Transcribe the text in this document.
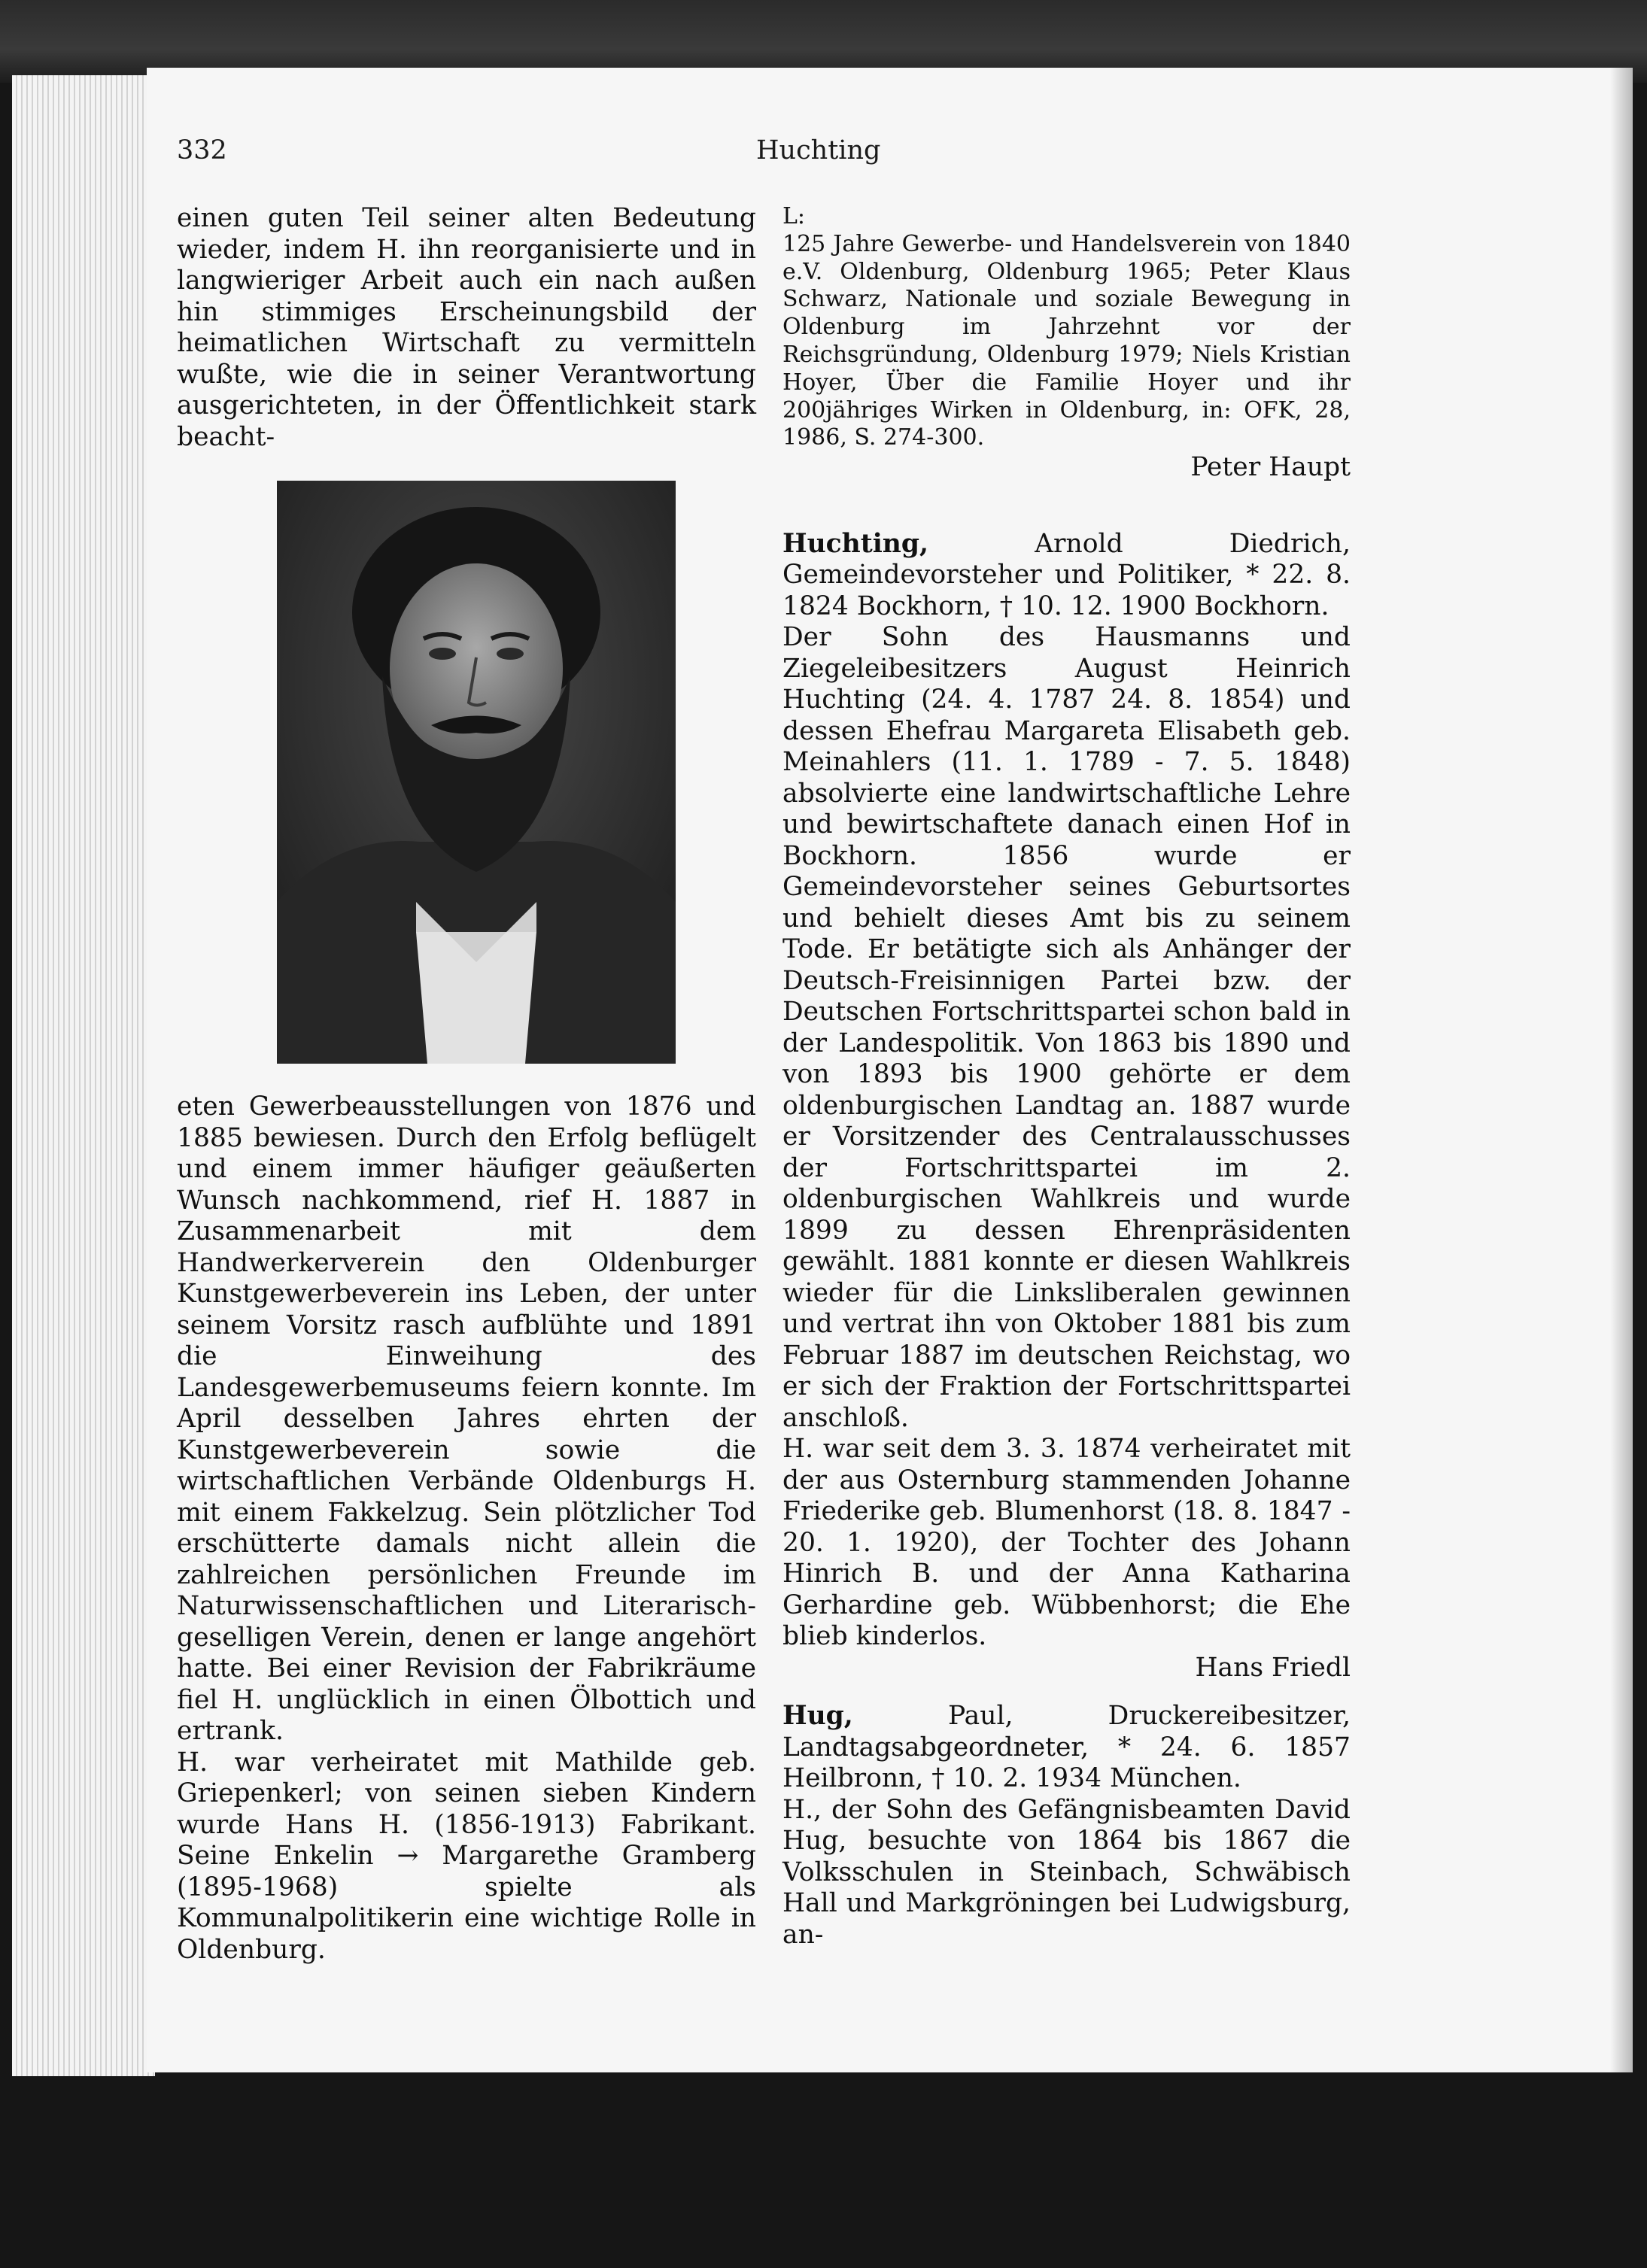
332	Huchting

einen guten Teil seiner alten Bedeutung wieder, indem H. ihn reorganisierte und in langwieriger Arbeit auch ein nach außen hin stimmiges Erscheinungsbild der heimatlichen Wirtschaft zu vermitteln wußte, wie die in seiner Verantwortung ausgerichteten, in der Öffentlichkeit stark beacht-
eten Gewerbeausstellungen von 1876 und 1885 bewiesen. Durch den Erfolg beflügelt und einem immer häufiger geäußerten Wunsch nachkommend, rief H. 1887 in Zusammenarbeit mit dem Handwerkerverein den Oldenburger Kunstgewerbeverein ins Leben, der unter seinem Vorsitz rasch aufblühte und 1891 die Einweihung des Landesgewerbemuseums feiern konnte. Im April desselben Jahres ehrten der Kunstgewerbeverein sowie die wirtschaftlichen Verbände Oldenburgs H. mit einem Fakkelzug. Sein plötzlicher Tod erschütterte damals nicht allein die zahlreichen persönlichen Freunde im Naturwissenschaftlichen und Literarisch-geselligen Verein, denen er lange angehört hatte. Bei einer Revision der Fabrikräume fiel H. unglücklich in einen Ölbottich und ertrank.

H. war verheiratet mit Mathilde geb. Griepenkerl; von seinen sieben Kindern wurde Hans H. (1856-1913) Fabrikant. Seine Enkelin → Margarethe Gramberg (1895-1968) spielte als Kommunalpolitikerin eine wichtige Rolle in Oldenburg.

L:

125 Jahre Gewerbe- und Handelsverein von 1840 e.V. Oldenburg, Oldenburg 1965; Peter Klaus Schwarz, Nationale und soziale Bewegung in Oldenburg im Jahrzehnt vor der Reichsgründung, Oldenburg 1979; Niels Kristian Hoyer, Über die Familie Hoyer und ihr 200jähriges Wirken in Oldenburg, in: OFK, 28, 1986, S. 274-300.

Peter Haupt

Huchting, Arnold Diedrich, Gemeindevorsteher und Politiker, * 22. 8. 1824 Bockhorn, † 10. 12. 1900 Bockhorn.

Der Sohn des Hausmanns und Ziegeleibesitzers August Heinrich Huchting (24. 4. 1787 24. 8. 1854) und dessen Ehefrau Margareta Elisabeth geb. Meinahlers (11. 1. 1789 - 7. 5. 1848) absolvierte eine landwirtschaftliche Lehre und bewirtschaftete danach einen Hof in Bockhorn. 1856 wurde er Gemeindevorsteher seines Geburtsortes und behielt dieses Amt bis zu seinem Tode. Er betätigte sich als Anhänger der Deutsch-Freisinnigen Partei bzw. der Deutschen Fortschrittspartei schon bald in der Landespolitik. Von 1863 bis 1890 und von 1893 bis 1900 gehörte er dem oldenburgischen Landtag an. 1887 wurde er Vorsitzender des Centralausschusses der Fortschrittspartei im 2. oldenburgischen Wahlkreis und wurde 1899 zu dessen Ehrenpräsidenten gewählt. 1881 konnte er diesen Wahlkreis wieder für die Linksliberalen gewinnen und vertrat ihn von Oktober 1881 bis zum Februar 1887 im deutschen Reichstag, wo er sich der Fraktion der Fortschrittspartei anschloß.

H. war seit dem 3. 3. 1874 verheiratet mit der aus Osternburg stammenden Johanne Friederike geb. Blumenhorst (18. 8. 1847 - 20. 1. 1920), der Tochter des Johann Hinrich B. und der Anna Katharina Gerhardine geb. Wübbenhorst; die Ehe blieb kinderlos.

Hans Friedl

Hug, Paul, Druckereibesitzer, Landtagsabgeordneter, * 24. 6. 1857 Heilbronn, † 10. 2. 1934 München.

H., der Sohn des Gefängnisbeamten David Hug, besuchte von 1864 bis 1867 die Volksschulen in Steinbach, Schwäbisch Hall und Markgröningen bei Ludwigsburg, an-
